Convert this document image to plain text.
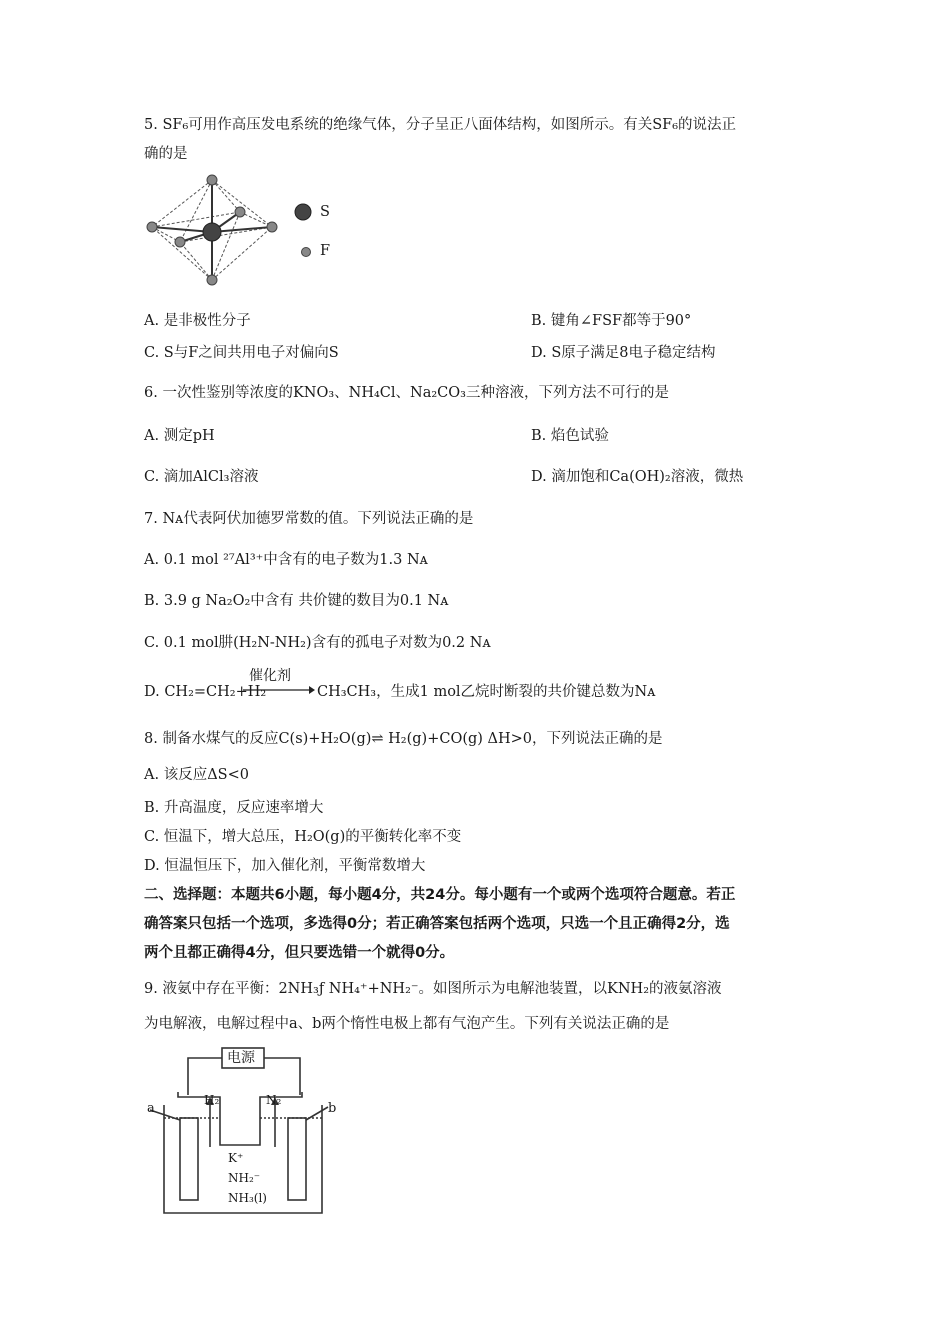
5. SF₆可用作高压发电系统的绝缘气体，分子呈正八面体结构，如图所示。有关SF₆的说法正
确的是
S
F
A. 是非极性分子	B. 键角∠FSF都等于90°
C. S与F之间共用电子对偏向S	D. S原子满足8电子稳定结构
6. 一次性鉴别等浓度的KNO₃、NH₄Cl、Na₂CO₃三种溶液，下列方法不可行的是
A. 测定pH	B. 焰色试验
C. 滴加AlCl₃溶液	D. 滴加饱和Ca(OH)₂溶液，微热
7. Nᴀ代表阿伏加德罗常数的值。下列说法正确的是
A. 0.1 mol ²⁷Al³⁺中含有的电子数为1.3 Nᴀ
B. 3.9 g Na₂O₂中含有 共价键的数目为0.1 Nᴀ
C. 0.1 mol肼(H₂N-NH₂)含有的孤电子对数为0.2 Nᴀ
D. CH₂=CH₂+H₂
催化剂
CH₃CH₃，生成1 mol乙烷时断裂的共价键总数为Nᴀ
8. 制备水煤气的反应C(s)+H₂O(g)⇌ H₂(g)+CO(g) ΔH>0，下列说法正确的是
A. 该反应ΔS<0
B. 升高温度，反应速率增大
C. 恒温下，增大总压，H₂O(g)的平衡转化率不变
D. 恒温恒压下，加入催化剂，平衡常数增大
二、选择题：本题共6小题，每小题4分，共24分。每小题有一个或两个选项符合题意。若正
确答案只包括一个选项，多选得0分；若正确答案包括两个选项，只选一个且正确得2分，选
两个且都正确得4分，但只要选错一个就得0分。
9. 液氨中存在平衡：2NH₃ƒ NH₄⁺+NH₂⁻。如图所示为电解池装置，以KNH₂的液氨溶液
为电解液，电解过程中a、b两个惰性电极上都有气泡产生。下列有关说法正确的是
电源
a	b
H₂	N₂
K⁺
NH₂⁻
NH₃(l)
